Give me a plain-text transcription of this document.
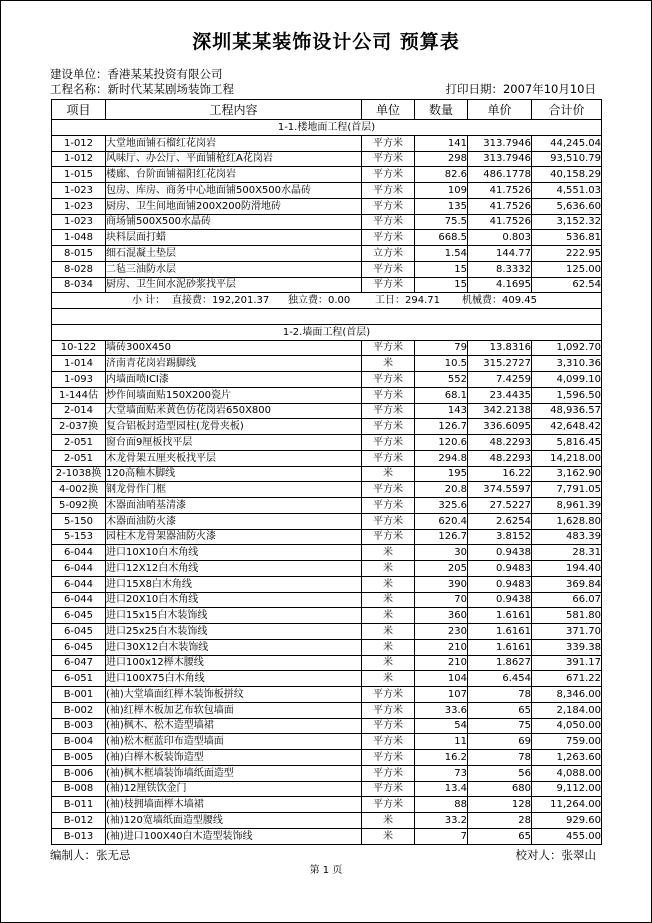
深圳某某装饰设计公司 预算表
建设单位：香港某某投资有限公司
工程名称：新时代某某剧场装饰工程	打印日期：2007年10月10日
项目	工程内容	单位	数量	单价	合计价
1-1.楼地面工程(首层)					
1-012	大堂地面铺石榴红花岗岩	平方米	141	313.7946	44,245.04
1-012	风味厅、办公厅、平面铺枪红A花岗岩	平方米	298	313.7946	93,510.79
1-015	楼廊、台阶面铺福阳红花岗岩	平方米	82.6	486.1778	40,158.29
1-023	包房、库房、商务中心地面铺500X500水晶砖	平方米	109	41.7526	4,551.03
1-023	厨房、卫生间地面铺200X200防滑地砖	平方米	135	41.7526	5,636.60
1-023	商场铺500X500水晶砖	平方米	75.5	41.7526	3,152.32
1-048	块料层面打蜡	平方米	668.5	0.803	536.81
8-015	细石混凝土垫层	立方米	1.54	144.77	222.95
8-028	二毡三油防水层	平方米	15	8.3332	125.00
8-034	厨房、卫生间水泥砂浆找平层	平方米	15	4.1695	62.54

小 计： 直接费：192,201.37 独立费：0.00 工日：294.71 机械费：409.45					

1-2.墙面工程(首层)					
10-122	墙砖300X450	平方米	79	13.8316	1,092.70
1-014	济南青花岗岩踢脚线	米	10.5	315.2727	3,310.36
1-093	内墙面喷ICI漆	平方米	552	7.4259	4,099.10
1-144估	炒作间墙面贴150X200瓷片	平方米	68.1	23.4435	1,596.50
2-014	大堂墙面贴米黄色仿花岗岩650X800	平方米	143	342.2138	48,936.57
2-037换	复合铝板封造型园柱(龙骨夹板)	平方米	126.7	336.6095	42,648.42
2-051	窗台面9厘板找平层	平方米	120.6	48.2293	5,816.45
2-051	木龙骨架五厘夹板找平层	平方米	294.8	48.2293	14,218.00
2-1038换	120高釉木脚线	米	195	16.22	3,162.90
4-002换	钢龙骨作门框	平方米	20.8	374.5597	7,791.05
5-092换	木器面油哨基清漆	平方米	325.6	27.5227	8,961.39
5-150	木器面油防火漆	平方米	620.4	2.6254	1,628.80
5-153	园柱木龙骨架器油防火漆	平方米	126.7	3.8152	483.39
6-044	进口10X10白木角线	米	30	0.9438	28.31
6-044	进口12X12白木角线	米	205	0.9483	194.40
6-044	进口15X8白木角线	米	390	0.9483	369.84
6-044	进口20X10白木角线	米	70	0.9438	66.07
6-045	进口15x15白木装饰线	米	360	1.6161	581.80
6-045	进口25x25白木装饰线	米	230	1.6161	371.70
6-045	进口30X12白木装饰线	米	210	1.6161	339.38
6-047	进口100x12榉木腰线	米	210	1.8627	391.17
6-051	进口100X75白木角线	米	104	6.454	671.22
B-001	(袖)大堂墙面红榉木装饰板拼纹	平方米	107	78	8,346.00
B-002	(袖)红榉木板加艺布软包墙面	平方米	33.6	65	2,184.00
B-003	(袖)枫木、松木造型墙裙	平方米	54	75	4,050.00
B-004	(袖)松木框蓝印布造型墙面	平方米	11	69	759.00
B-005	(袖)白榉木板装饰造型	平方米	16.2	78	1,263.60
B-006	(袖)枫木框墙装饰墙纸面造型	平方米	73	56	4,088.00
B-008	(袖)12厘铁饮金门	平方米	13.4	680	9,112.00
B-011	(袖)枝拥墙面榉木墙裙	平方米	88	128	11,264.00
B-012	(袖)120宽墙纸面造型腰线	米	33.2	28	929.60
B-013	(袖)进口100X40白木造型装饰线	米	7	65	455.00
编制人：张无忌	校对人：张翠山
第 1 页
